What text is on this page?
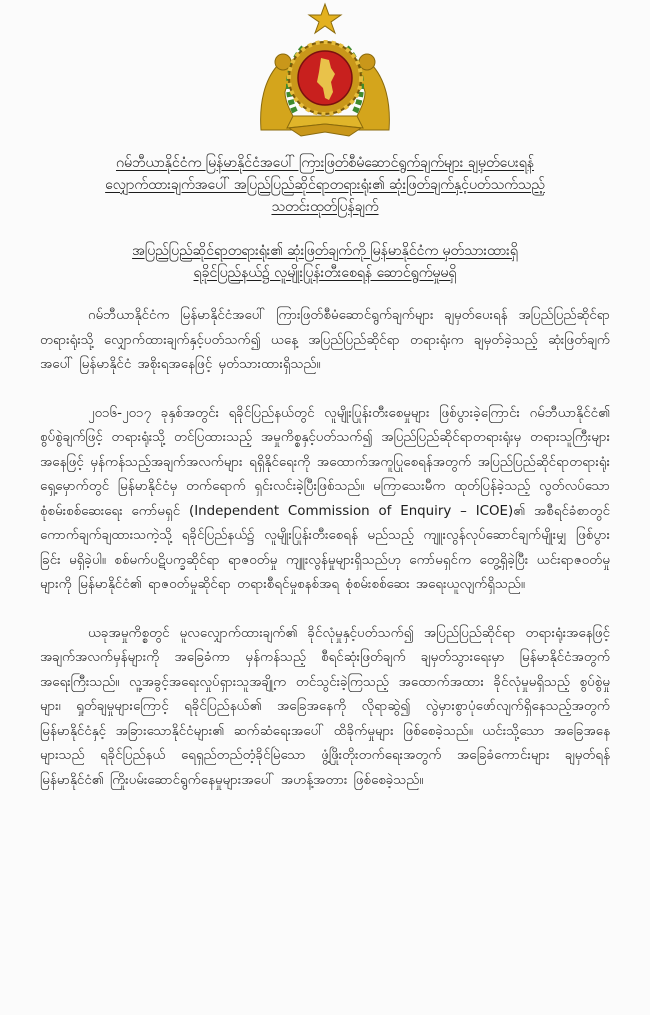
ဂမ်ဘီယာနိုင်ငံက မြန်မာနိုင်ငံအပေါ် ကြားဖြတ်စီမံဆောင်ရွက်ချက်များ ချမှတ်ပေးရန်
လျှောက်ထားချက်အပေါ် အပြည်ပြည်ဆိုင်ရာတရားရုံး၏ ဆုံးဖြတ်ချက်နှင့်ပတ်သက်သည့်
သတင်းထုတ်ပြန်ချက်
အပြည်ပြည်ဆိုင်ရာတရားရုံး၏ ဆုံးဖြတ်ချက်ကို မြန်မာနိုင်ငံက မှတ်သားထားရှိ
ရခိုင်ပြည်နယ်၌ လူမျိုးပြုန်းတီးစေရန် ဆောင်ရွက်မှုမရှိ

ဂမ်ဘီယာနိုင်ငံက မြန်မာနိုင်ငံအပေါ် ကြားဖြတ်စီမံဆောင်ရွက်ချက်များ ချမှတ်ပေးရန် အပြည်ပြည်ဆိုင်ရာတရားရုံးသို့ လျှောက်ထားချက်နှင့်ပတ်သက်၍ ယနေ့ အပြည်ပြည်ဆိုင်ရာ တရားရုံးက ချမှတ်ခဲ့သည့် ဆုံးဖြတ်ချက်အပေါ် မြန်မာနိုင်ငံ အစိုးရအနေဖြင့် မှတ်သားထားရှိသည်။

၂၀၁၆-၂၀၁၇ ခုနှစ်အတွင်း ရခိုင်ပြည်နယ်တွင် လူမျိုးပြုန်းတီးစေမှုများ ဖြစ်ပွားခဲ့ကြောင်း ဂမ်ဘီယာနိုင်ငံ၏ စွပ်စွဲချက်ဖြင့် တရားရုံးသို့ တင်ပြထားသည့် အမှုကိစ္စနှင့်ပတ်သက်၍ အပြည်ပြည်ဆိုင်ရာတရားရုံးမှ တရားသူကြီးများအနေဖြင့် မှန်ကန်သည့်အချက်အလက်များ ရရှိနိုင်ရေးကို အထောက်အကူပြုစေရန်အတွက် အပြည်ပြည်ဆိုင်ရာတရားရုံး ရှေ့မှောက်တွင် မြန်မာနိုင်ငံမှ တက်ရောက် ရှင်းလင်းခဲ့ပြီးဖြစ်သည်။ မကြာသေးမီက ထုတ်ပြန်ခဲ့သည့် လွတ်လပ်သော စုံစမ်းစစ်ဆေးရေး ကော်မရှင် (Independent Commission of Enquiry – ICOE)၏ အစီရင်ခံစာတွင် ကောက်ချက်ချထားသကဲ့သို့ ရခိုင်ပြည်နယ်၌ လူမျိုးပြုန်းတီးစေရန် မည်သည့် ကျူးလွန်လုပ်ဆောင်ချက်မျိုးမျှ ဖြစ်ပွားခြင်း မရှိခဲ့ပါ။ စစ်မက်ပဋိပက္ခဆိုင်ရာ ရာဇဝတ်မှု ကျူးလွန်မှုများရှိသည်ဟု ကော်မရှင်က တွေ့ရှိခဲ့ပြီး ယင်းရာဇဝတ်မှုများကို မြန်မာနိုင်ငံ၏ ရာဇဝတ်မှုဆိုင်ရာ တရားစီရင်မှုစနစ်အရ စုံစမ်းစစ်ဆေး အရေးယူလျက်ရှိသည်။

ယခုအမှုကိစ္စတွင် မူလလျှောက်ထားချက်၏ ခိုင်လုံမှုနှင့်ပတ်သက်၍ အပြည်ပြည်ဆိုင်ရာ တရားရုံးအနေဖြင့် အချက်အလက်မှန်များကို အခြေခံကာ မှန်ကန်သည့် စီရင်ဆုံးဖြတ်ချက် ချမှတ်သွားရေးမှာ မြန်မာနိုင်ငံအတွက် အရေးကြီးသည်။ လူ့အခွင့်အရေးလှုပ်ရှားသူအချို့က တင်သွင်းခဲ့ကြသည့် အထောက်အထား ခိုင်လုံမှုမရှိသည့် စွပ်စွဲမှုများ၊ ရှုတ်ချမှုများကြောင့် ရခိုင်ပြည်နယ်၏ အခြေအနေကို လိုရာဆွဲ၍ လွဲမှားစွာပုံဖော်လျက်ရှိနေသည့်အတွက် မြန်မာနိုင်ငံနှင့် အခြားသောနိုင်ငံများ၏ ဆက်ဆံရေးအပေါ် ထိခိုက်မှုများ ဖြစ်စေခဲ့သည်။ ယင်းသို့သော အခြေအနေများသည် ရခိုင်ပြည်နယ် ရေရှည်တည်တံ့ခိုင်မြဲသော ဖွံ့ဖြိုးတိုးတက်ရေးအတွက် အခြေခံကောင်းများ ချမှတ်ရန် မြန်မာနိုင်ငံ၏ ကြိုးပမ်းဆောင်ရွက်နေမှုများအပေါ် အဟန့်အတား ဖြစ်စေခဲ့သည်။
